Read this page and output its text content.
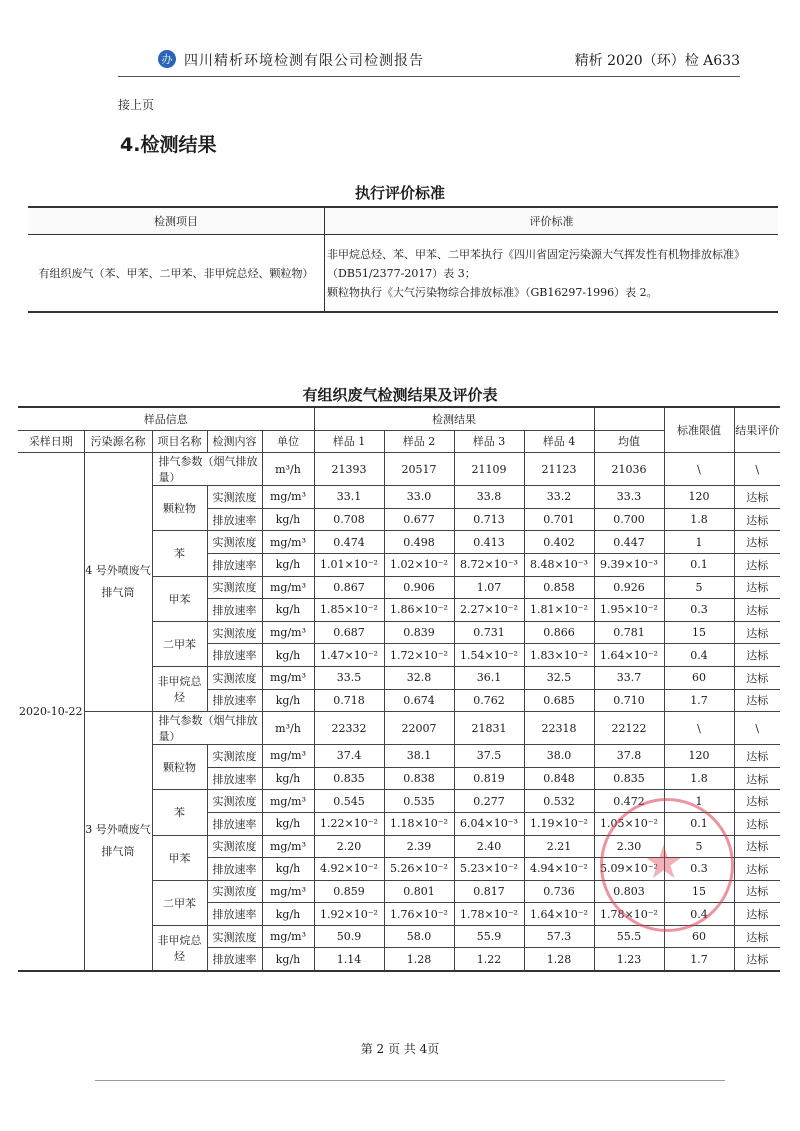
办 四川精析环境检测有限公司检测报告	精析 2020（环）检 A633
接上页
4.检测结果
执行评价标准
检测项目	评价标准
有组织废气（苯、甲苯、二甲苯、非甲烷总烃、颗粒物）	非甲烷总烃、苯、甲苯、二甲苯执行《四川省固定污染源大气挥发性有机物排放标准》
（DB51/2377-2017）表 3；
颗粒物执行《大气污染物综合排放标准》（GB16297-1996）表 2。
有组织废气检测结果及评价表
样品信息					检测结果					标准限值	结果评价
采样日期	污染源名称	项目名称	检测内容	单位	样品 1	样品 2	样品 3	样品 4	均值		
2020-10-22	4 号外喷废气排气筒	排气参数（烟气排放量）		m³/h	21393	20517	21109	21123	21036	\	\
		颗粒物	实测浓度	mg/m³	33.1	33.0	33.8	33.2	33.3	120	达标
			排放速率	kg/h	0.708	0.677	0.713	0.701	0.700	1.8	达标
		苯	实测浓度	mg/m³	0.474	0.498	0.413	0.402	0.447	1	达标
			排放速率	kg/h	1.01×10⁻²	1.02×10⁻²	8.72×10⁻³	8.48×10⁻³	9.39×10⁻³	0.1	达标
		甲苯	实测浓度	mg/m³	0.867	0.906	1.07	0.858	0.926	5	达标
			排放速率	kg/h	1.85×10⁻²	1.86×10⁻²	2.27×10⁻²	1.81×10⁻²	1.95×10⁻²	0.3	达标
		二甲苯	实测浓度	mg/m³	0.687	0.839	0.731	0.866	0.781	15	达标
			排放速率	kg/h	1.47×10⁻²	1.72×10⁻²	1.54×10⁻²	1.83×10⁻²	1.64×10⁻²	0.4	达标
		非甲烷总烃	实测浓度	mg/m³	33.5	32.8	36.1	32.5	33.7	60	达标
			排放速率	kg/h	0.718	0.674	0.762	0.685	0.710	1.7	达标
	3 号外喷废气排气筒	排气参数（烟气排放量）		m³/h	22332	22007	21831	22318	22122	\	\
		颗粒物	实测浓度	mg/m³	37.4	38.1	37.5	38.0	37.8	120	达标
			排放速率	kg/h	0.835	0.838	0.819	0.848	0.835	1.8	达标
		苯	实测浓度	mg/m³	0.545	0.535	0.277	0.532	0.472	1	达标
			排放速率	kg/h	1.22×10⁻²	1.18×10⁻²	6.04×10⁻³	1.19×10⁻²	1.05×10⁻²	0.1	达标
		甲苯	实测浓度	mg/m³	2.20	2.39	2.40	2.21	2.30	5	达标
			排放速率	kg/h	4.92×10⁻²	5.26×10⁻²	5.23×10⁻²	4.94×10⁻²	5.09×10⁻²	0.3	达标
		二甲苯	实测浓度	mg/m³	0.859	0.801	0.817	0.736	0.803	15	达标
			排放速率	kg/h	1.92×10⁻²	1.76×10⁻²	1.78×10⁻²	1.64×10⁻²	1.78×10⁻²	0.4	达标
		非甲烷总烃	实测浓度	mg/m³	50.9	58.0	55.9	57.3	55.5	60	达标
			排放速率	kg/h	1.14	1.28	1.22	1.28	1.23	1.7	达标
★
第 2 页 共 4页
